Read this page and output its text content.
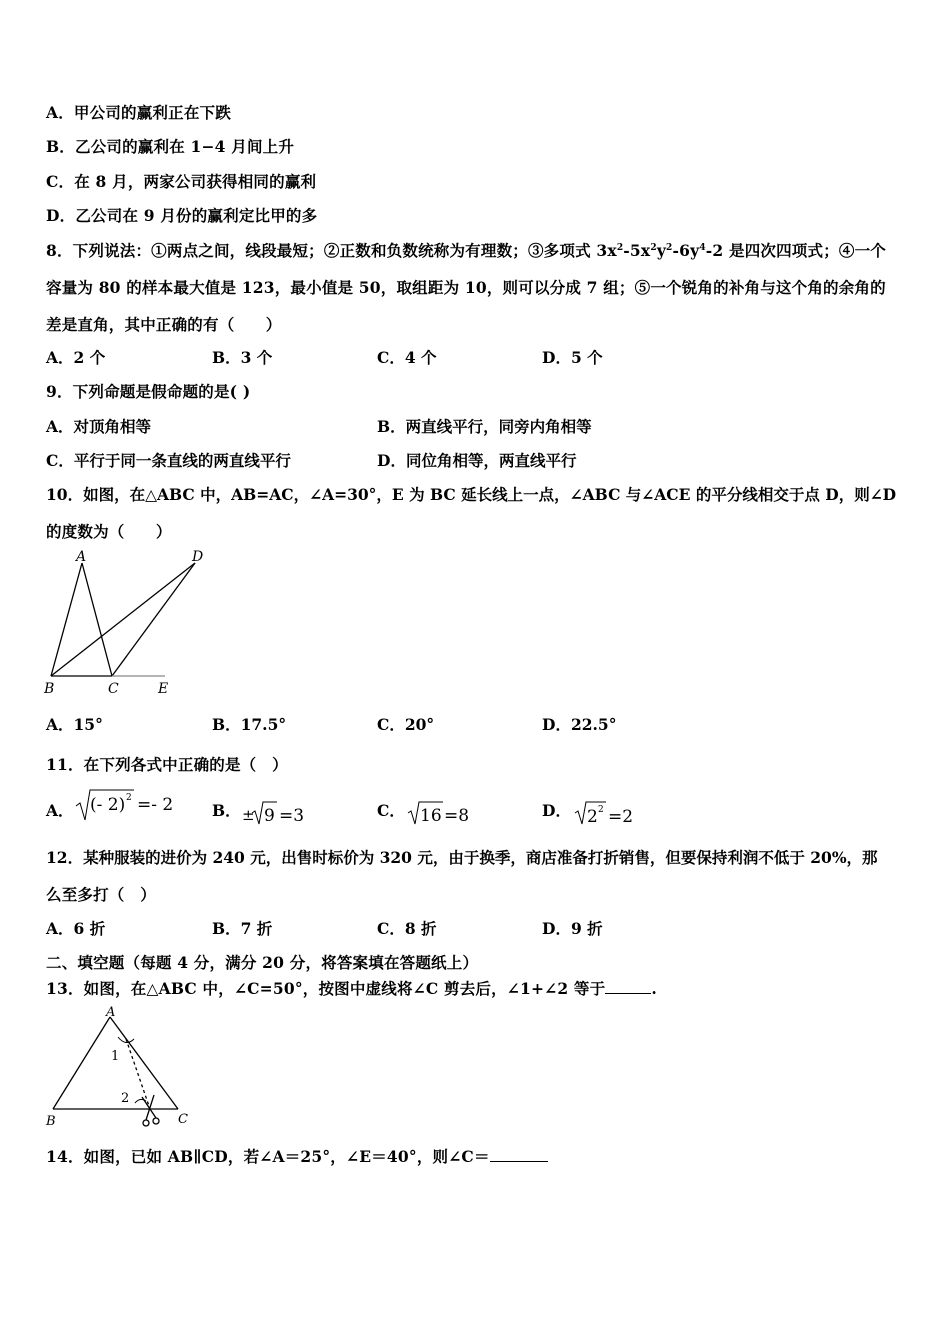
A．甲公司的赢利正在下跌
B．乙公司的赢利在 1−4 月间上升
C．在 8 月，两家公司获得相同的赢利
D．乙公司在 9 月份的赢利定比甲的多
8．下列说法：①两点之间，线段最短；②正数和负数统称为有理数；③多项式 $3x^2-5x^2y^2-6y^4-2$ 是四次四项式；④一个
容量为 80 的样本最大值是 123，最小值是 50，取组距为 10，则可以分成 7 组；⑤一个锐角的补角与这个角的余角的
差是直角，其中正确的有（　　）
A．2 个	B．3 个	C．4 个	D．5 个
9．下列命题是假命题的是( )
A．对顶角相等	B．两直线平行，同旁内角相等
C．平行于同一条直线的两直线平行	D．同位角相等，两直线平行
10．如图，在△ABC 中，AB=AC，∠A=30°，E 为 BC 延长线上一点，∠ABC 与∠ACE 的平分线相交于点 D，则∠D
的度数为（　　）
A	D
B	C	E
A．15°	B．17.5°	C．20°	D．22.5°
11．在下列各式中正确的是（　）
A． (- 2) 2 =- 2	B． ± 9 =3	C． 16 =8	D． 2 2 =2
12．某种服装的进价为 240 元，出售时标价为 320 元，由于换季，商店准备打折销售，但要保持利润不低于 20%，那
么至多打（　）
A．6 折	B．7 折	C．8 折	D．9 折
二、填空题（每题 4 分，满分 20 分，将答案填在答题纸上）
13．如图，在△ABC 中，∠C=50°，按图中虚线将∠C 剪去后，∠1+∠2 等于	.
A
B	C
1
2
14．如图，已如 AB∥CD，若∠A＝25°，∠E＝40°，则∠C＝
